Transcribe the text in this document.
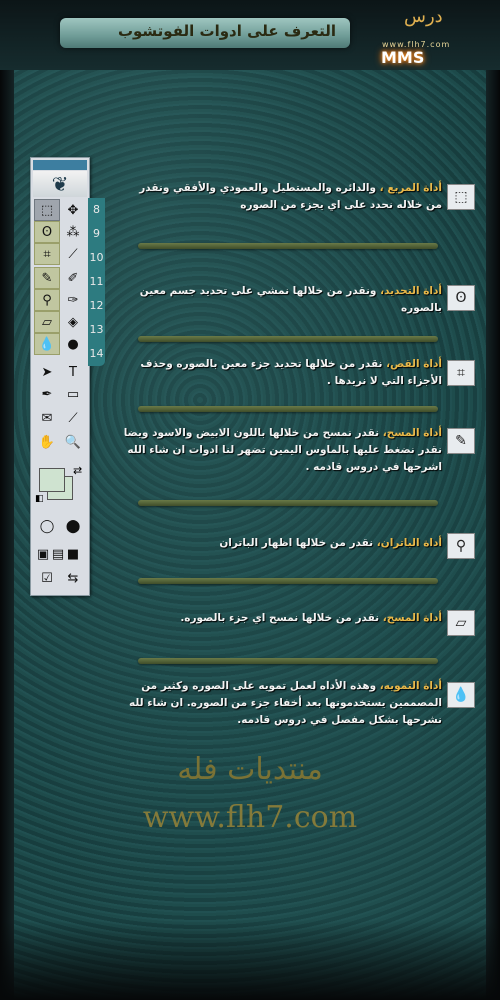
التعرف على ادوات الفوتشوب
درس
www.flh7.com
MMS
❦
⬚	✥
ʘ	⁂
⌗	⟋
✎	✐
⚲	✑
▱	◈
💧 ●
➤	T
✒	▭
✉	⟋
✋ 🔍
◯ ⬤
▣ ▤ ■
⇆
☑
⇄
◧
8
9
10
11
12
13
14
⬚
أداة المربع ، والدائره والمستطيل والعمودي والأفقي ونقدر من خلاله نحدد على اي يجزء من الصوره
ʘ
أداة التحديد، ونقدر من خلالها نمشي على تحديد جسم معين بالصوره
⌗
أداة القص، نقدر من خلالها تحديد جزء معين بالصوره وحذف الأجزاء التي لا نريدها .
✎
أداة المسح، نقدر نمسح من خلالها باللون الابيض والاسود ويضا نقدر نضغط عليها بالماوس اليمين تضهر لنا ادوات ان شاء الله اشرحها في دروس قادمه .
⚲
أداة الباتران، نقدر من خلالها اظهار الباتران
▱
أداة المسح، نقدر من خلالها نمسح اي جزء بالصوره.
💧
أداة التمويه، وهذه الأداه لعمل تمويه على الصوره وكثير من المصممين يستخدمونها بعد أخفاء جزء من الصوره. ان شاء لله نشرحها بشكل مفصل في دروس قادمه.
منتديات فله
www.flh7.com
